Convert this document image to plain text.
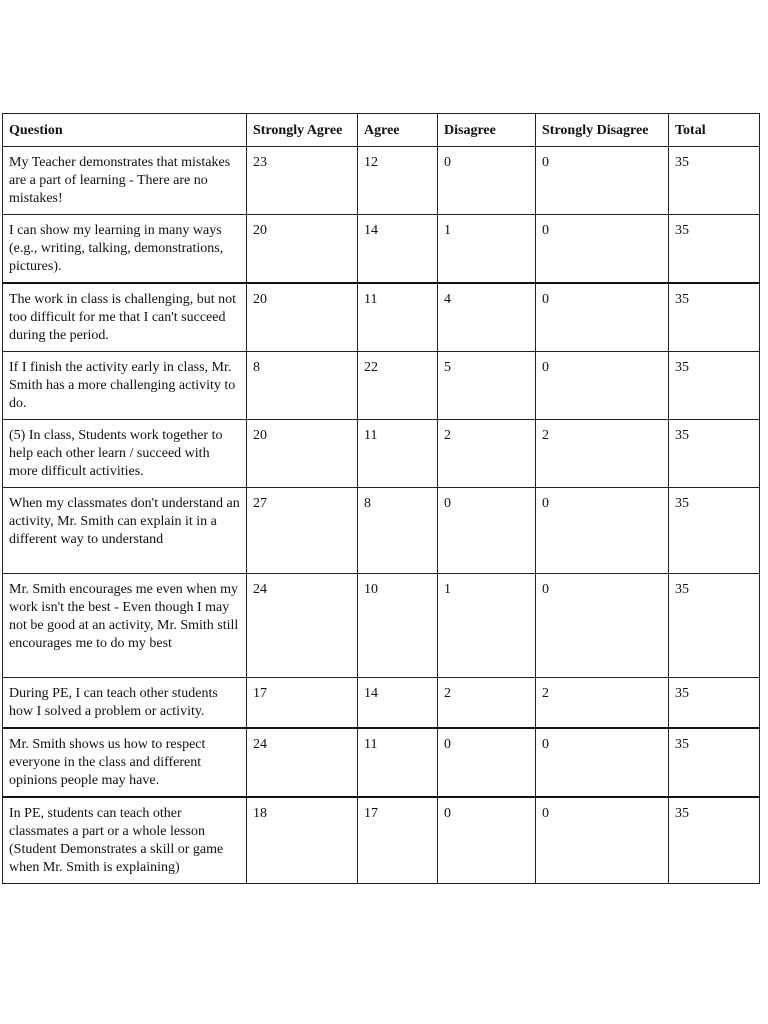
Question	Strongly Agree	Agree	Disagree	Strongly Disagree	Total
My Teacher demonstrates that mistakes are a part of learning - There are no mistakes!	23	12	0	0	35
I can show my learning in many ways (e.g., writing, talking, demonstrations, pictures).	20	14	1	0	35
The work in class is challenging, but not too difficult for me that I can't succeed during the period.	20	11	4	0	35
If I finish the activity early in class, Mr. Smith has a more challenging activity to do.	8	22	5	0	35
(5) In class, Students work together to help each other learn / succeed with more difficult activities.	20	11	2	2	35
When my classmates don't understand an activity, Mr. Smith can explain it in a different way to understand	27	8	0	0	35
Mr. Smith encourages me even when my work isn't the best - Even though I may not be good at an activity, Mr. Smith still encourages me to do my best	24	10	1	0	35
During PE, I can teach other students how I solved a problem or activity.	17	14	2	2	35
Mr. Smith shows us how to respect everyone in the class and different opinions people may have.	24	11	0	0	35
In PE, students can teach other classmates a part or a whole lesson (Student Demonstrates a skill or game when Mr. Smith is explaining)	18	17	0	0	35
